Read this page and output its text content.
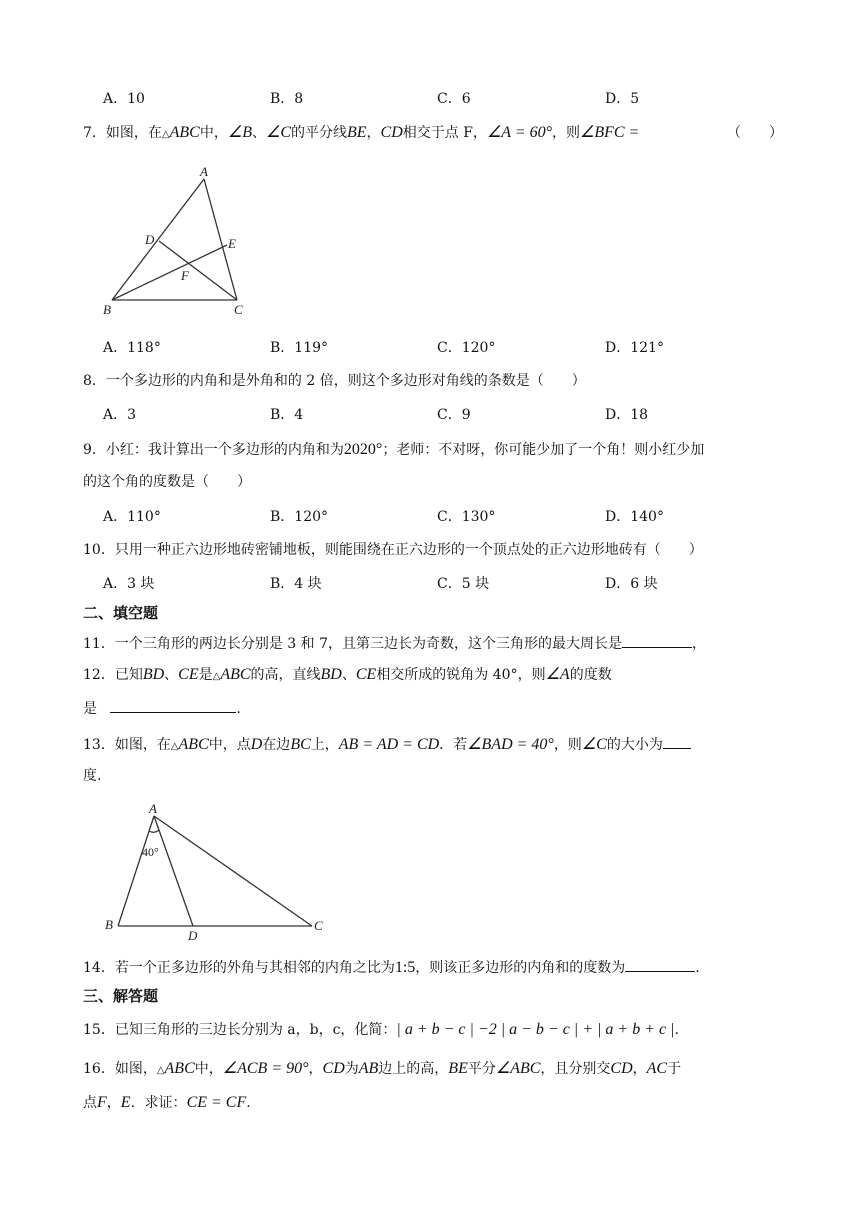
A．10	B．8	C．6	D．5
7．如图，在△ABC中，∠B、∠C的平分线BE，CD相交于点 F，∠A = 60°，则∠BFC =	（　　）
A
D	E
F
B	C
A．118°	B．119°	C．120°	D．121°
8．一个多边形的内角和是外角和的 2 倍，则这个多边形对角线的条数是（　　）
A．3	B．4	C．9	D．18
9．小红：我计算出一个多边形的内角和为2020°；老师：不对呀，你可能少加了一个角！则小红少加
的这个角的度数是（　　）
A．110°	B．120°	C．130°	D．140°
10．只用一种正六边形地砖密铺地板，则能围绕在正六边形的一个顶点处的正六边形地砖有（　　）
A．3 块	B．4 块	C．5 块	D．6 块
二、填空题
11．一个三角形的两边长分别是 3 和 7，且第三边长为奇数，这个三角形的最大周长是	，
12．已知BD、CE是△ABC的高，直线BD、CE相交所成的锐角为 40°，则∠A的度数
是	.
13．如图，在△ABC中，点D在边BC上，AB = AD = CD．若∠BAD = 40°，则∠C的大小为
度.
A
40°
B
D
C
14．若一个正多边形的外角与其相邻的内角之比为1:5，则该正多边形的内角和的度数为	.
三、解答题
15．已知三角形的三边长分别为 a，b，c，化简：| a + b − c | −2 | a − b − c | + | a + b + c |.
16．如图，△ABC中，∠ACB = 90°，CD为AB边上的高，BE平分∠ABC，且分别交CD，AC于
点F，E．求证：CE = CF.
